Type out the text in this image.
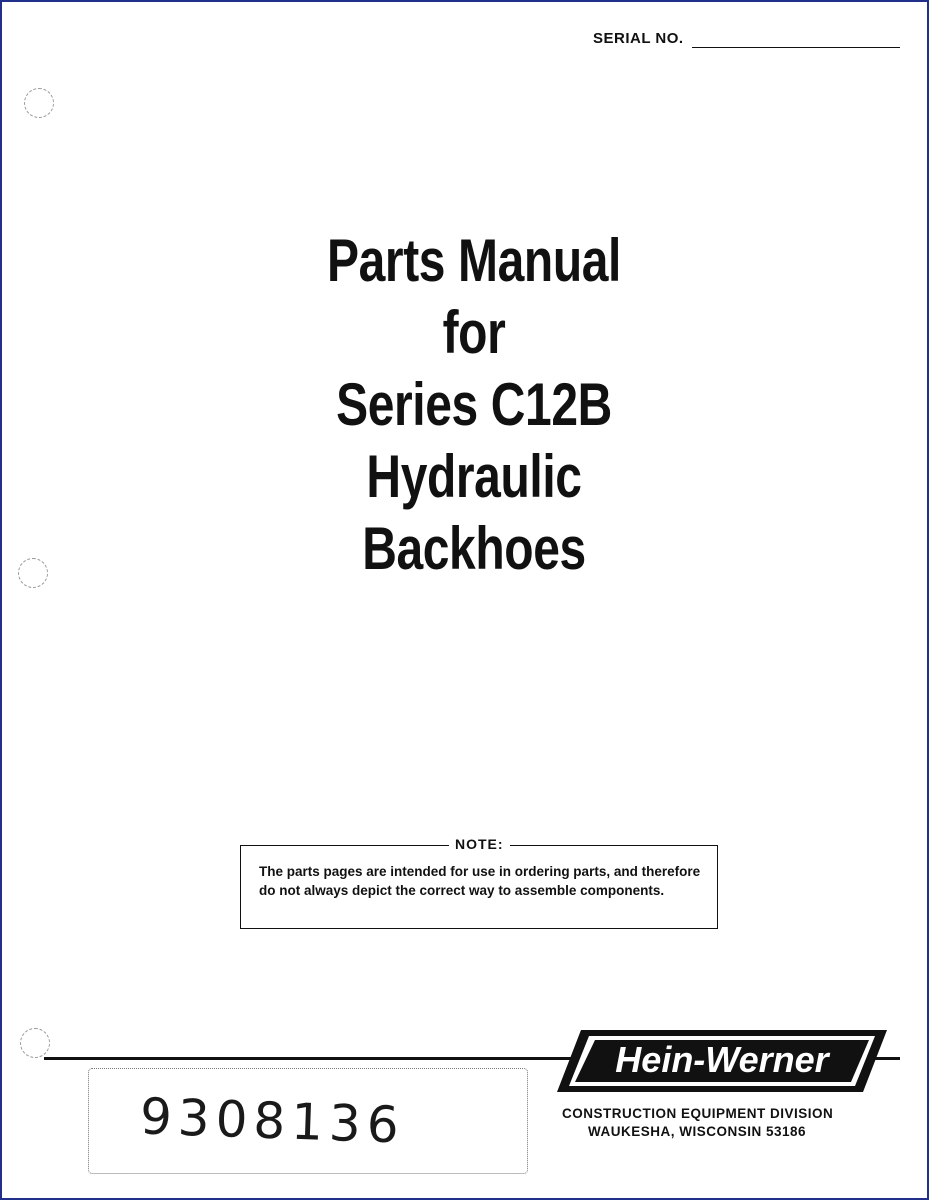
SERIAL NO.
Parts Manual
for
Series C12B
Hydraulic Backhoes
NOTE:
The parts pages are intended for use in ordering parts, and therefore do not always depict the correct way to assemble components.
Hein-Werner
CONSTRUCTION EQUIPMENT DIVISION
WAUKESHA, WISCONSIN 53186
9308136
